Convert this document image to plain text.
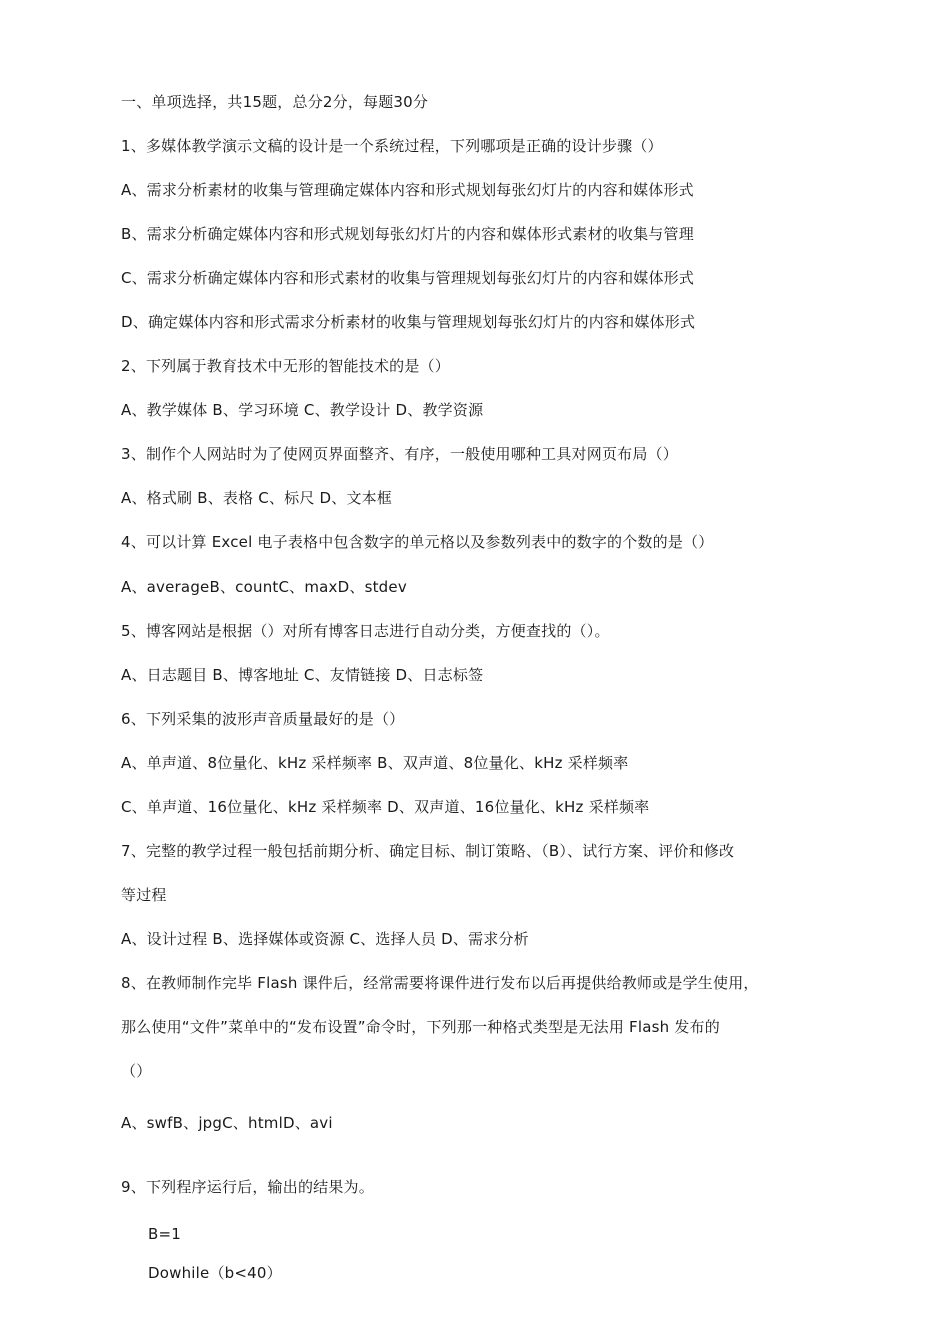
一、单项选择，共15题，总分2分，每题30分
1、多媒体教学演示文稿的设计是一个系统过程，下列哪项是正确的设计步骤（）
A、需求分析素材的收集与管理确定媒体内容和形式规划每张幻灯片的内容和媒体形式
B、需求分析确定媒体内容和形式规划每张幻灯片的内容和媒体形式素材的收集与管理
C、需求分析确定媒体内容和形式素材的收集与管理规划每张幻灯片的内容和媒体形式
D、确定媒体内容和形式需求分析素材的收集与管理规划每张幻灯片的内容和媒体形式
2、下列属于教育技术中无形的智能技术的是（）
A、教学媒体 B、学习环境 C、教学设计 D、教学资源
3、制作个人网站时为了使网页界面整齐、有序，一般使用哪种工具对网页布局（）
A、格式刷 B、表格 C、标尺 D、文本框
4、可以计算 Excel 电子表格中包含数字的单元格以及参数列表中的数字的个数的是（）
A、averageB、countC、maxD、stdev
5、博客网站是根据（）对所有博客日志进行自动分类，方便查找的（）。
A、日志题目 B、博客地址 C、友情链接 D、日志标签
6、下列采集的波形声音质量最好的是（）
A、单声道、8位量化、kHz 采样频率 B、双声道、8位量化、kHz 采样频率
C、单声道、16位量化、kHz 采样频率 D、双声道、16位量化、kHz 采样频率
7、完整的教学过程一般包括前期分析、确定目标、制订策略、（B）、试行方案、评价和修改
等过程
A、设计过程 B、选择媒体或资源 C、选择人员 D、需求分析
8、在教师制作完毕 Flash 课件后，经常需要将课件进行发布以后再提供给教师或是学生使用，
那么使用“文件”菜单中的“发布设置”命令时，下列那一种格式类型是无法用 Flash 发布的
（）
A、swfB、jpgC、htmlD、avi
9、下列程序运行后，输出的结果为。
B=1
Dowhile（b<40）
